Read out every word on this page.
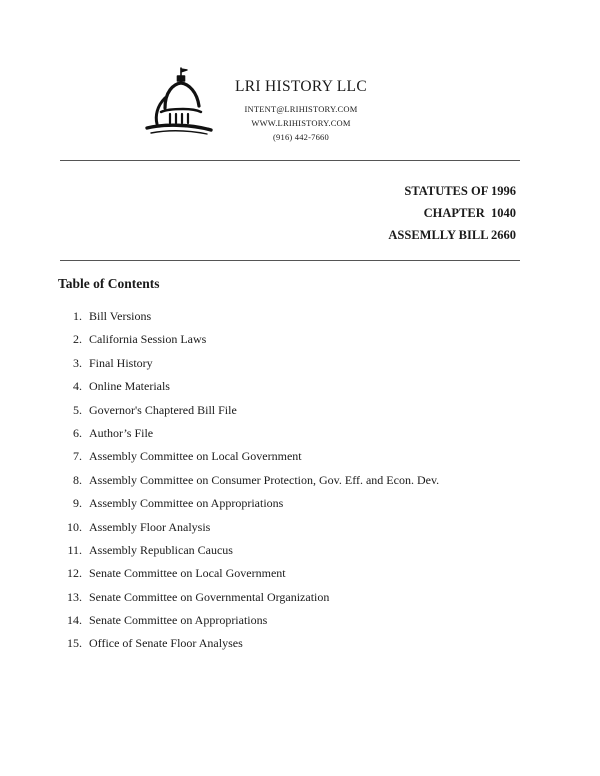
LRI HISTORY LLC
INTENT@LRIHISTORY.COM
WWW.LRIHISTORY.COM
(916) 442-7660
STATUTES OF 1996
CHAPTER  1040
ASSEMLLY BILL 2660
Table of Contents
1. Bill Versions
2. California Session Laws
3. Final History
4. Online Materials
5. Governor's Chaptered Bill File
6. Author’s File
7. Assembly Committee on Local Government
8. Assembly Committee on Consumer Protection, Gov. Eff. and Econ. Dev.
9. Assembly Committee on Appropriations
10. Assembly Floor Analysis
11. Assembly Republican Caucus
12. Senate Committee on Local Government
13. Senate Committee on Governmental Organization
14. Senate Committee on Appropriations
15. Office of Senate Floor Analyses
